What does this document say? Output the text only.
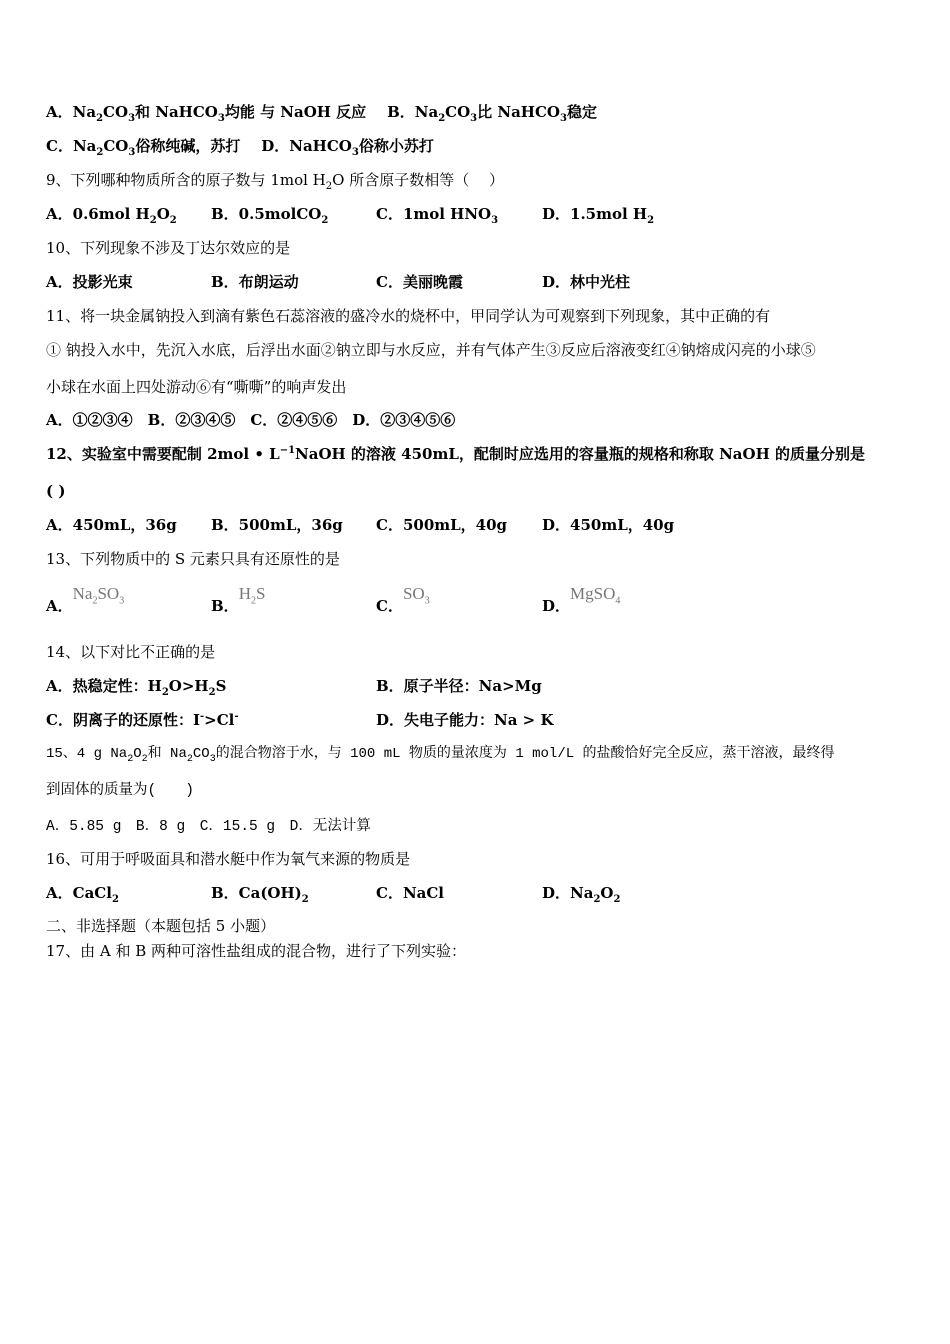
A．$Na_2CO_3$和 NaHCO$_3$均能 与 NaOH 反应 B．$Na_2CO_3$比 NaHCO$_3$稳定
C．$Na_2CO_3$俗称纯碱，苏打 D．NaHCO$_3$俗称小苏打
9、下列哪种物质所含的原子数与 1mol $H_2O$ 所含原子数相等（　 ）
A．0.6mol $H_2O_2$ B．0.5molCO$_2$	C．1mol $HNO_3$	D．1.5mol $H_2$
10、下列现象不涉及丁达尔效应的是
A．投影光束	B．布朗运动	C．美丽晚霞	D．林中光柱
11、将一块金属钠投入到滴有紫色石蕊溶液的盛冷水的烧杯中，甲同学认为可观察到下列现象，其中正确的有
① 钠投入水中，先沉入水底，后浮出水面②钠立即与水反应，并有气体产生③反应后溶液变红④钠熔成闪亮的小球⑤
小球在水面上四处游动⑥有“嘶嘶”的响声发出
A．①②③④　B．②③④⑤　C．②④⑤⑥　D．②③④⑤⑥
12、实验室中需要配制 2mol • $L^{-1}NaOH$ 的溶液 450mL，配制时应选用的容量瓶的规格和称取 NaOH 的质量分别是
( )
A．450mL，36g B．500mL，36g C．500mL，40g D．450mL，40g
13、下列物质中的 S 元素只具有还原性的是
A．$Na_2SO_3$	B．$H_2S$
C．$SO_3$	D．MgSO$_4$
14、以下对比不正确的是
A．热稳定性：$H_2O>H_2S$	B．原子半径：Na>Mg
C．阴离子的还原性：I->Cl-	D．失电子能力：Na > K
15、4 g $Na_2O_2$和 $Na_2CO_3$的混合物溶于水，与 100 mL 物质的量浓度为 1 mol/L 的盐酸恰好完全反应，蒸干溶液，最终得
到固体的质量为(　　)
A．5.85 g　B．8 g　C．15.5 g　D．无法计算
16、可用于呼吸面具和潜水艇中作为氧气来源的物质是
A．CaCl$_2$	B．$Ca(OH)_2$	C．NaCl	D．$Na_2O_2$
二、非选择题（本题包括 5 小题）
17、由 A 和 B 两种可溶性盐组成的混合物，进行了下列实验：
